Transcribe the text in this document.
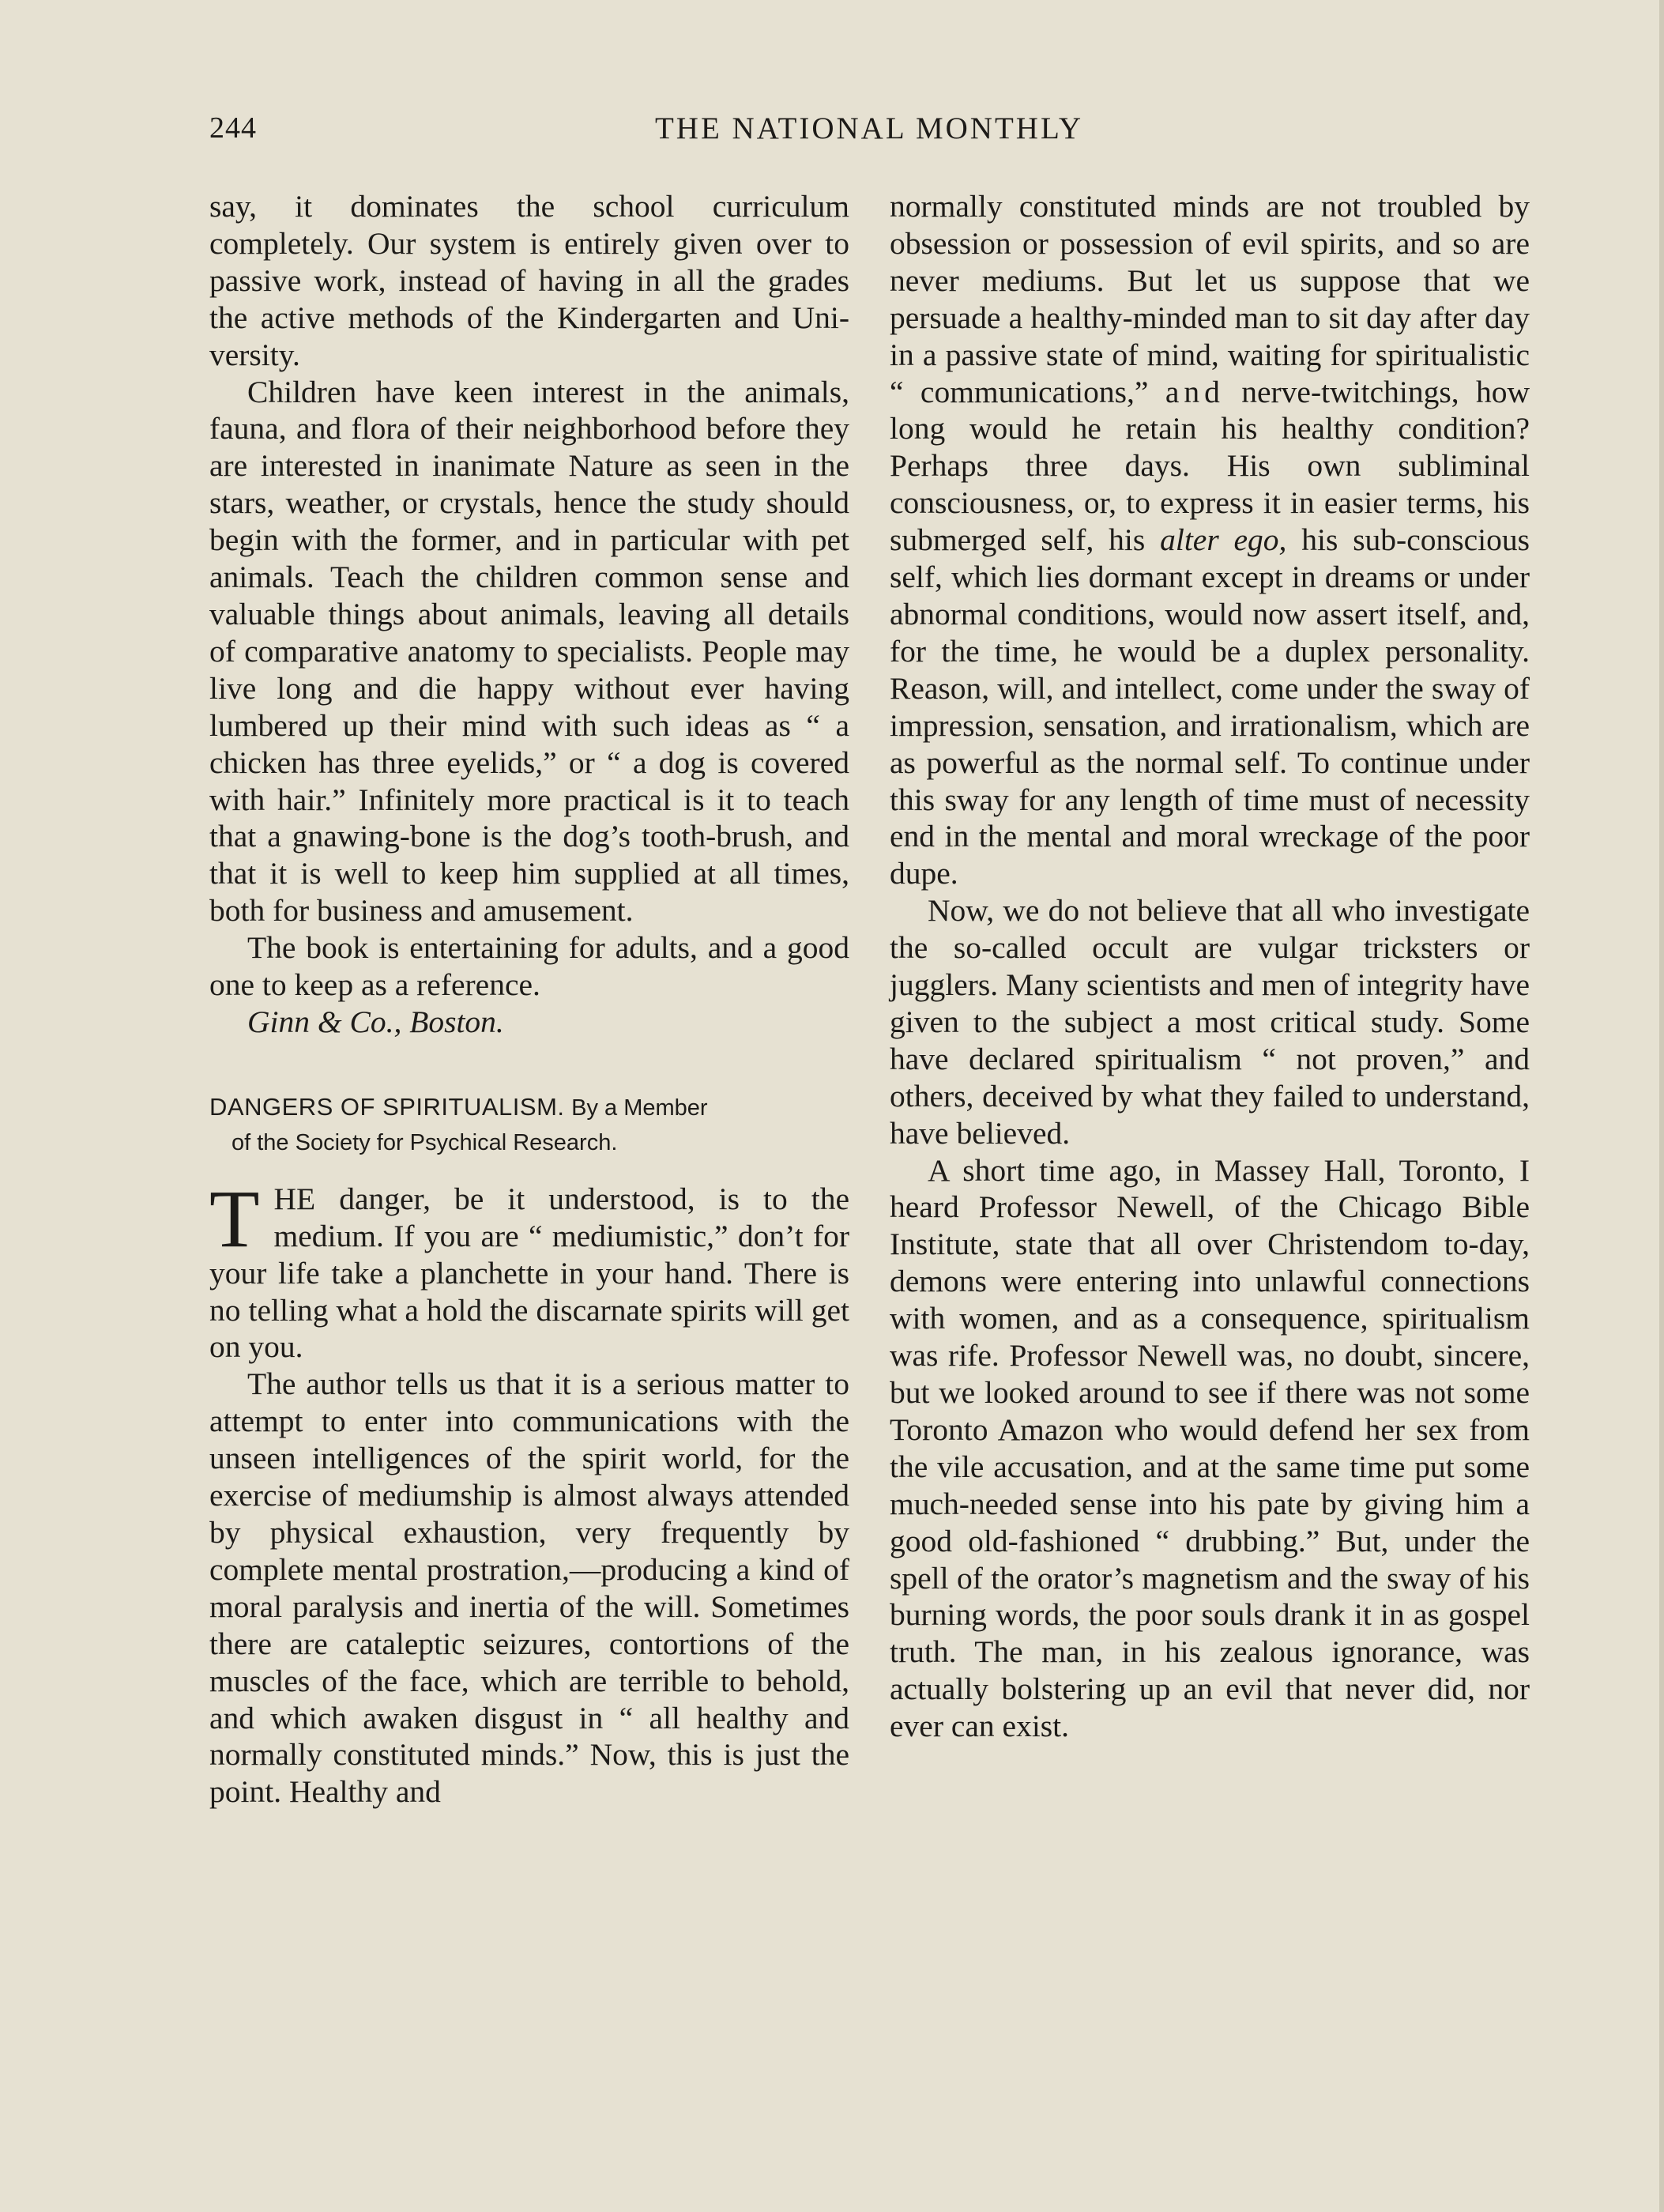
244	THE NATIONAL MONTHLY

say, it dominates the school curriculum completely. Our system is entirely given over to passive work, instead of having in all the grades the active methods of the Kindergarten and University.

Children have keen interest in the animals, fauna, and flora of their neighborhood before they are interested in inanimate Nature as seen in the stars, weather, or crystals, hence the study should begin with the former, and in particular with pet animals. Teach the children common sense and valuable things about animals, leaving all details of comparative anatomy to specialists. People may live long and die happy without ever having lumbered up their mind with such ideas as “ a chicken has three eyelids,” or “ a dog is covered with hair.” Infinitely more practical is it to teach that a gnawing-bone is the dog’s tooth-brush, and that it is well to keep him supplied at all times, both for business and amusement.

The book is entertaining for adults, and a good one to keep as a reference.

Ginn & Co., Boston.

DANGERS OF SPIRITUALISM. By a Member
of the Society for Psychical Research.

THE danger, be it understood, is to the medium. If you are “ mediumistic,” don’t for your life take a planchette in your hand. There is no telling what a hold the discarnate spirits will get on you.

The author tells us that it is a serious matter to attempt to enter into communications with the unseen intelligences of the spirit world, for the exercise of mediumship is almost always attended by physical exhaustion, very frequently by complete mental prostration,—producing a kind of moral paralysis and inertia of the will. Sometimes there are cataleptic seizures, contortions of the muscles of the face, which are terrible to behold, and which awaken disgust in “ all healthy and normally constituted minds.” Now, this is just the point. Healthy and

normally constituted minds are not troubled by obsession or possession of evil spirits, and so are never mediums. But let us suppose that we persuade a healthy-minded man to sit day after day in a passive state of mind, waiting for spiritualistic “ communications,” and nerve-twitchings, how long would he retain his healthy condition? Perhaps three days. His own subliminal consciousness, or, to express it in easier terms, his submerged self, his alter ego, his sub-conscious self, which lies dormant except in dreams or under abnormal conditions, would now assert itself, and, for the time, he would be a duplex personality. Reason, will, and intellect, come under the sway of impression, sensation, and irrationalism, which are as powerful as the normal self. To continue under this sway for any length of time must of necessity end in the mental and moral wreckage of the poor dupe.

Now, we do not believe that all who investigate the so-called occult are vulgar tricksters or jugglers. Many scientists and men of integrity have given to the subject a most critical study. Some have declared spiritualism “ not proven,” and others, deceived by what they failed to understand, have believed.

A short time ago, in Massey Hall, Toronto, I heard Professor Newell, of the Chicago Bible Institute, state that all over Christendom to-day, demons were entering into unlawful connections with women, and as a consequence, spiritualism was rife. Professor Newell was, no doubt, sincere, but we looked around to see if there was not some Toronto Amazon who would defend her sex from the vile accusation, and at the same time put some much-needed sense into his pate by giving him a good old-fashioned “ drubbing.” But, under the spell of the orator’s magnetism and the sway of his burning words, the poor souls drank it in as gospel truth. The man, in his zealous ignorance, was actually bolstering up an evil that never did, nor ever can exist.
